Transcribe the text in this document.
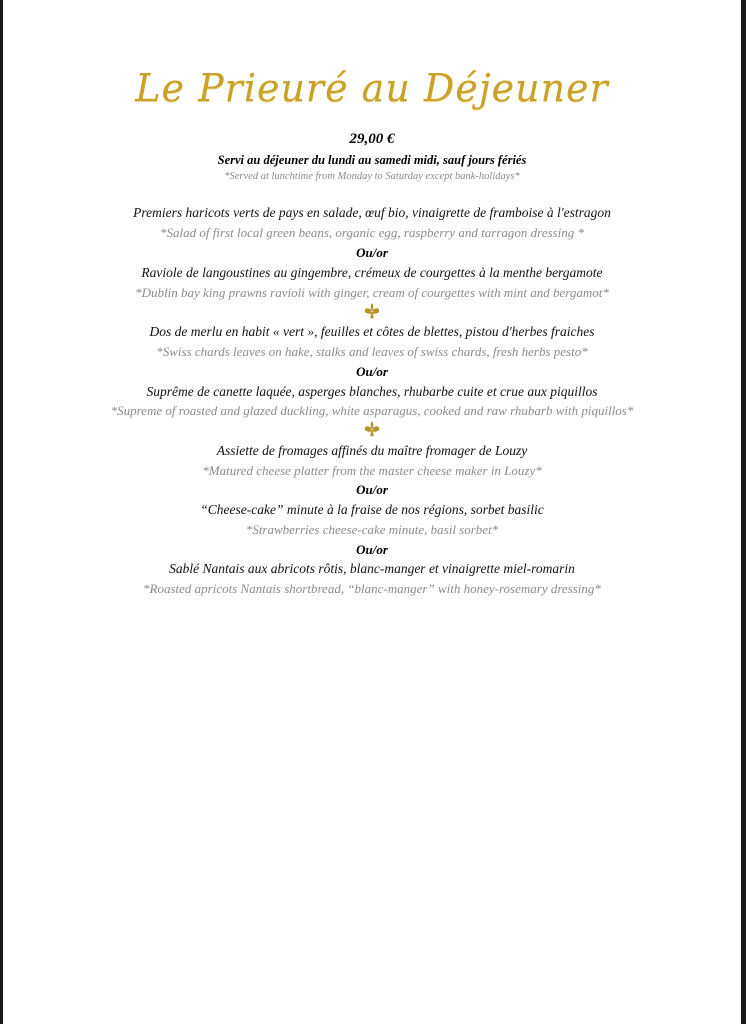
Le Prieuré au Déjeuner
29,00 €
Servi au déjeuner du lundi au samedi midi, sauf jours fériés
*Served at lunchtime from Monday to Saturday except bank-holidays*
Premiers haricots verts de pays en salade, œuf bio, vinaigrette de framboise à l'estragon
*Salad of first local green beans, organic egg, raspberry and tarragon dressing *
Ou/or
Raviole de langoustines au gingembre, crémeux de courgettes à la menthe bergamote
*Dublin bay king prawns ravioli with ginger, cream of courgettes with mint and bergamot*
Dos de merlu en habit « vert », feuilles et côtes de blettes, pistou d'herbes fraiches
*Swiss chards leaves on hake, stalks and leaves of swiss chards, fresh herbs pesto*
Ou/or
Suprême de canette laquée, asperges blanches, rhubarbe cuite et crue aux piquillos
*Supreme of roasted and glazed duckling, white asparagus, cooked and raw rhubarb with piquillos*
Assiette de fromages affinés du maître fromager de Louzy
*Matured cheese platter from the master cheese maker in Louzy*
Ou/or
“Cheese-cake” minute à la fraise de nos régions, sorbet basilic
*Strawberries cheese-cake minute, basil sorbet*
Ou/or
Sablé Nantais aux abricots rôtis, blanc-manger et vinaigrette miel-romarin
*Roasted apricots Nantais shortbread, “blanc-manger” with honey-rosemary dressing*
